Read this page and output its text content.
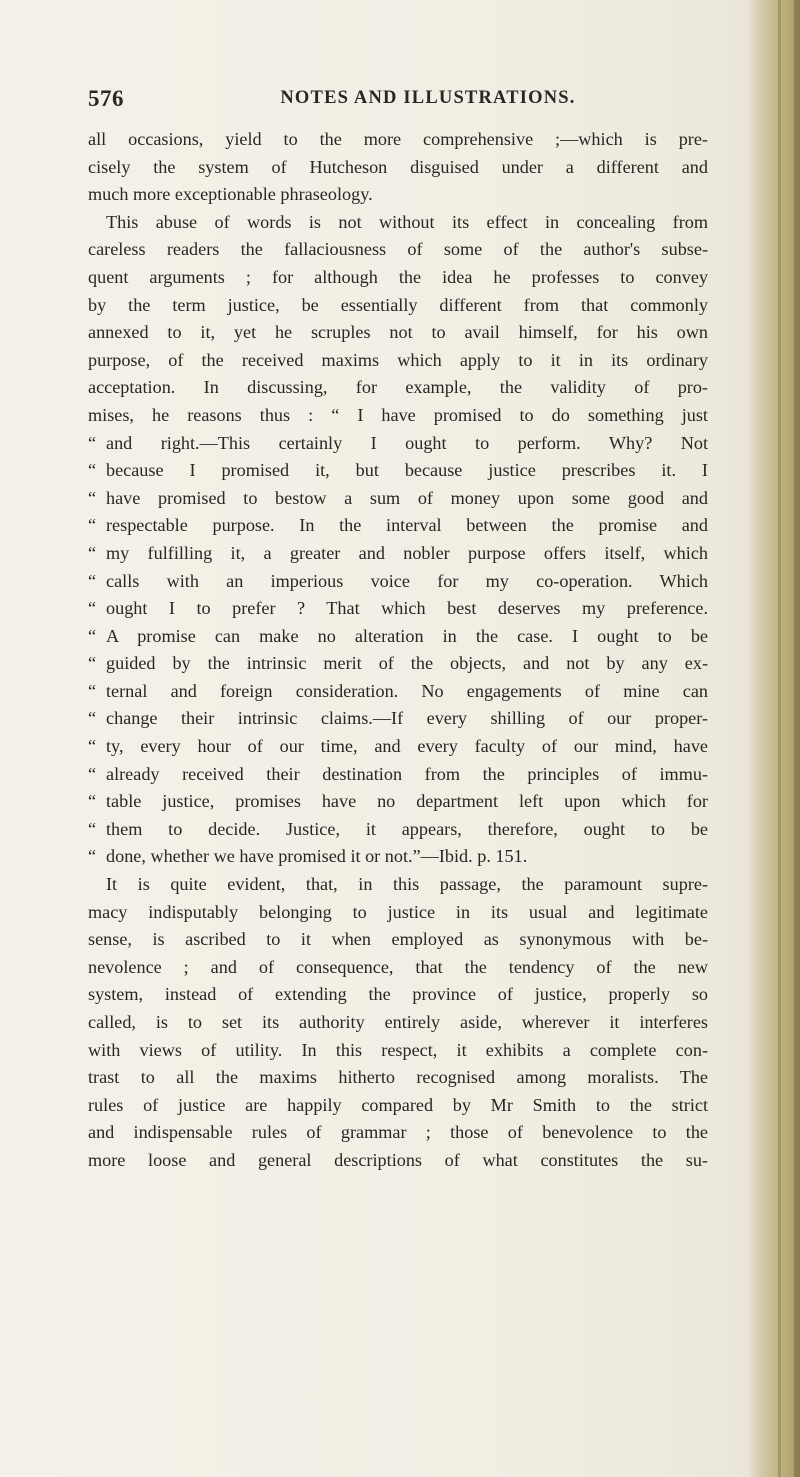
576	NOTES AND ILLUSTRATIONS.
all occasions, yield to the more comprehensive ;—which is pre-
cisely the system of Hutcheson disguised under a different and
much more exceptionable phraseology.
This abuse of words is not without its effect in concealing from
careless readers the fallaciousness of some of the author's subse-
quent arguments ; for although the idea he professes to convey
by the term justice, be essentially different from that commonly
annexed to it, yet he scruples not to avail himself, for his own
purpose, of the received maxims which apply to it in its ordinary
acceptation. In discussing, for example, the validity of pro-
mises, he reasons thus : “ I have promised to do something just
“ and right.—This certainly I ought to perform. Why? Not
“ because I promised it, but because justice prescribes it. I
“ have promised to bestow a sum of money upon some good and
“ respectable purpose. In the interval between the promise and
“ my fulfilling it, a greater and nobler purpose offers itself, which
“ calls with an imperious voice for my co-operation. Which
“ ought I to prefer ? That which best deserves my preference.
“ A promise can make no alteration in the case. I ought to be
“ guided by the intrinsic merit of the objects, and not by any ex-
“ ternal and foreign consideration. No engagements of mine can
“ change their intrinsic claims.—If every shilling of our proper-
“ ty, every hour of our time, and every faculty of our mind, have
“ already received their destination from the principles of immu-
“ table justice, promises have no department left upon which for
“ them to decide. Justice, it appears, therefore, ought to be
“ done, whether we have promised it or not.”—Ibid. p. 151.
It is quite evident, that, in this passage, the paramount supre-
macy indisputably belonging to justice in its usual and legitimate
sense, is ascribed to it when employed as synonymous with be-
nevolence ; and of consequence, that the tendency of the new
system, instead of extending the province of justice, properly so
called, is to set its authority entirely aside, wherever it interferes
with views of utility. In this respect, it exhibits a complete con-
trast to all the maxims hitherto recognised among moralists. The
rules of justice are happily compared by Mr Smith to the strict
and indispensable rules of grammar ; those of benevolence to the
more loose and general descriptions of what constitutes the su-
